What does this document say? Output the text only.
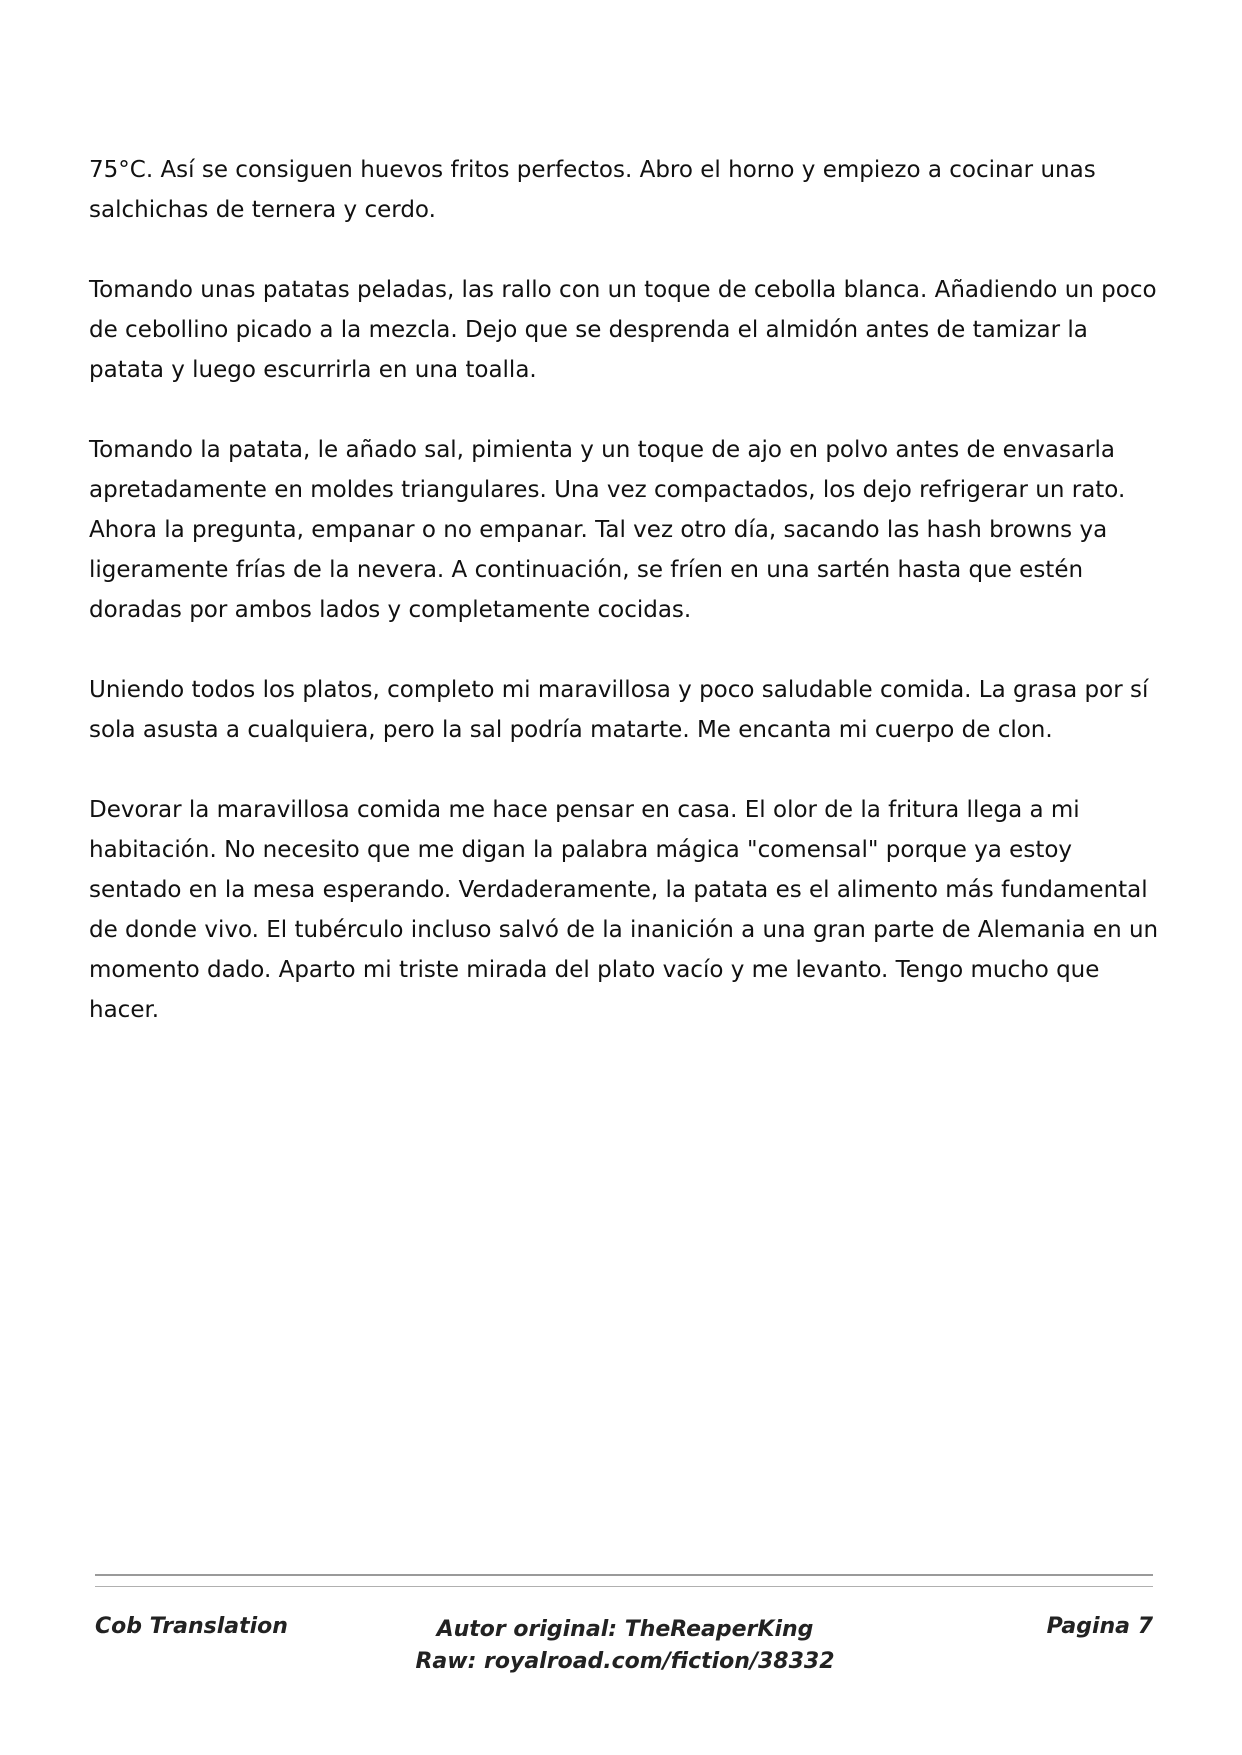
75°C. Así se consiguen huevos fritos perfectos. Abro el horno y empiezo a cocinar unas salchichas de ternera y cerdo.

Tomando unas patatas peladas, las rallo con un toque de cebolla blanca. Añadiendo un poco de cebollino picado a la mezcla. Dejo que se desprenda el almidón antes de tamizar la patata y luego escurrirla en una toalla.

Tomando la patata, le añado sal, pimienta y un toque de ajo en polvo antes de envasarla apretadamente en moldes triangulares. Una vez compactados, los dejo refrigerar un rato. Ahora la pregunta, empanar o no empanar. Tal vez otro día, sacando las hash browns ya ligeramente frías de la nevera. A continuación, se fríen en una sartén hasta que estén doradas por ambos lados y completamente cocidas.

Uniendo todos los platos, completo mi maravillosa y poco saludable comida. La grasa por sí sola asusta a cualquiera, pero la sal podría matarte. Me encanta mi cuerpo de clon.

Devorar la maravillosa comida me hace pensar en casa. El olor de la fritura llega a mi habitación. No necesito que me digan la palabra mágica "comensal" porque ya estoy sentado en la mesa esperando. Verdaderamente, la patata es el alimento más fundamental de donde vivo. El tubérculo incluso salvó de la inanición a una gran parte de Alemania en un momento dado. Aparto mi triste mirada del plato vacío y me levanto. Tengo mucho que hacer.

Cob Translation	Autor original: TheReaperKing
Raw: royalroad.com/fiction/38332
Pagina 7
